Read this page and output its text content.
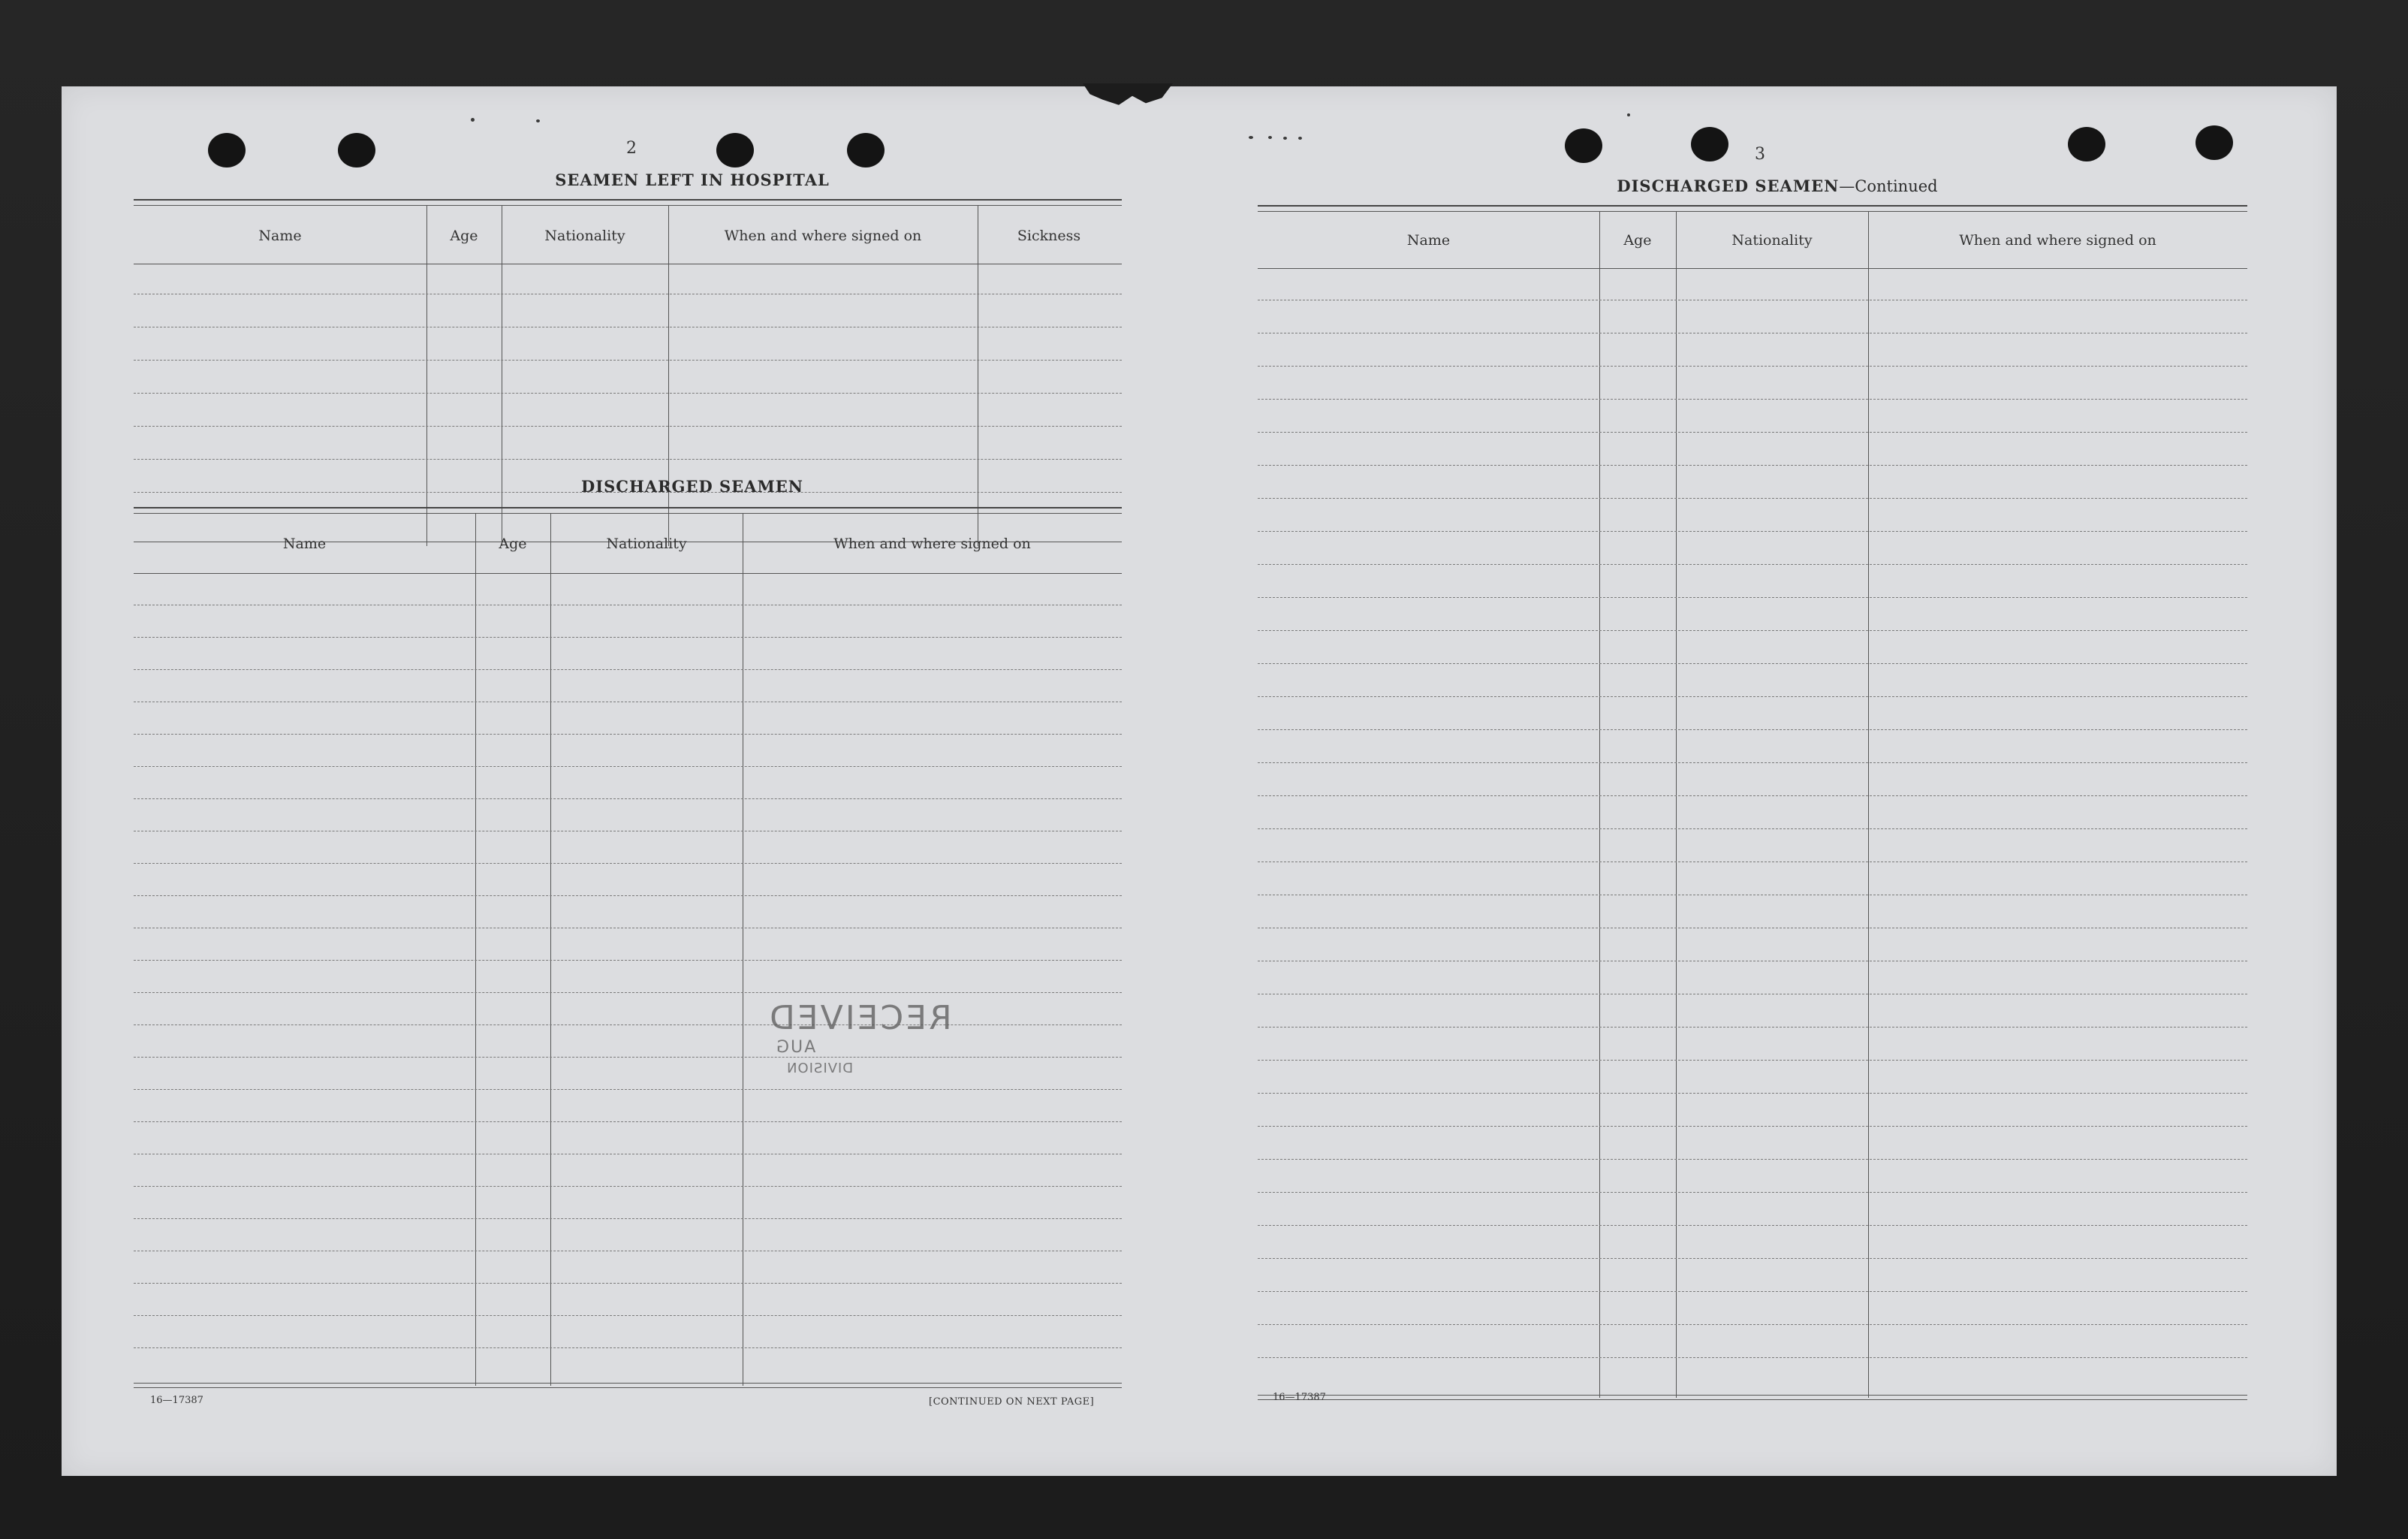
2
SEAMEN LEFT IN HOSPITAL
Name	Age	Nationality	When and where signed on	Sickness
DISCHARGED SEAMEN
Name	Age	Nationality	When and where signed on
RECEIVED
AUG
DIVISION
16—17387	[CONTINUED ON NEXT PAGE]
3
DISCHARGED SEAMEN—Continued
Name	Age	Nationality	When and where signed on
16—17387
